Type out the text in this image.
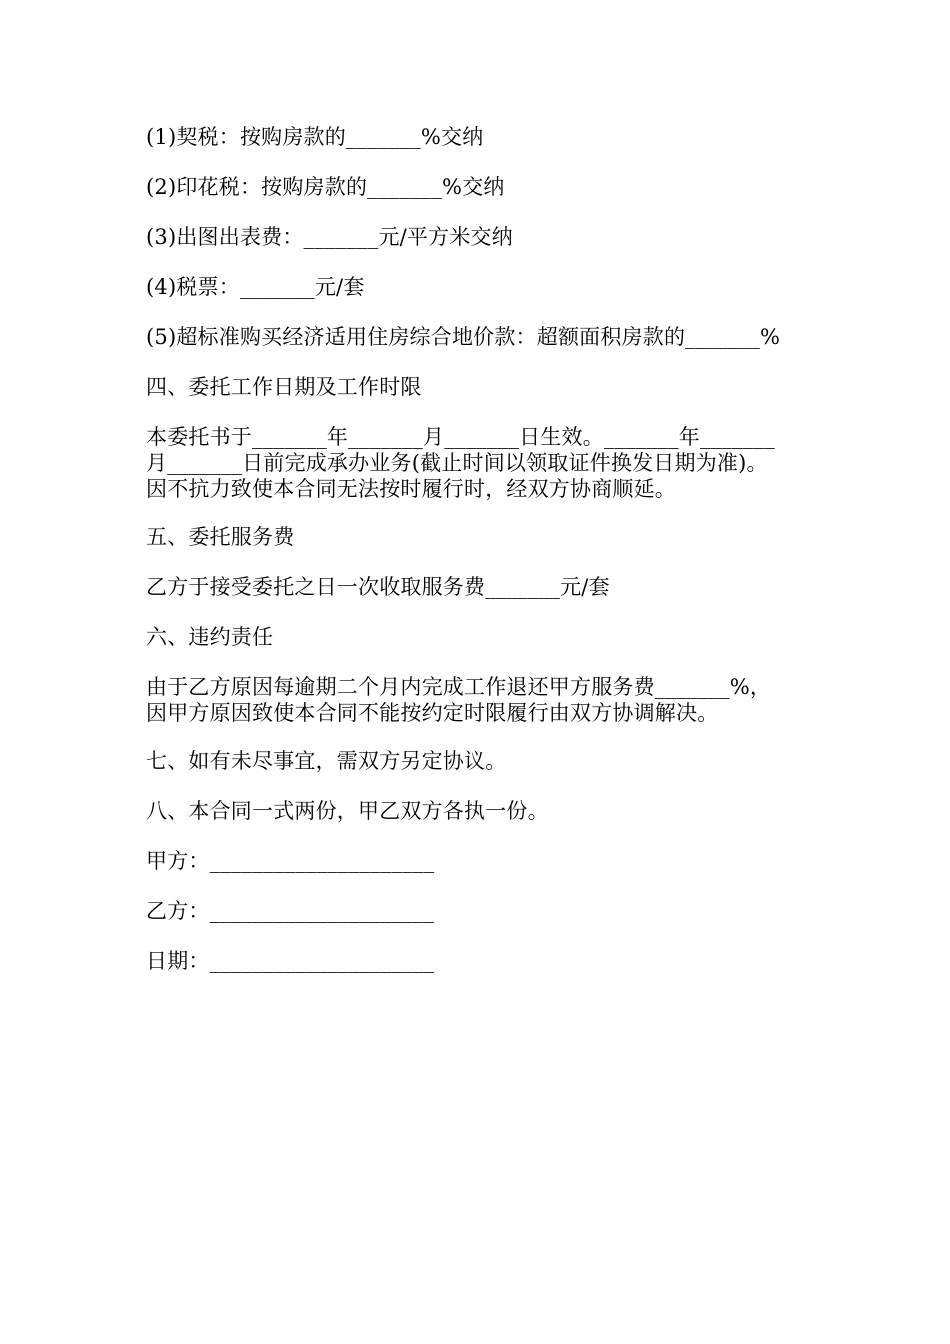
(1)契税：按购房款的_______%交纳
(2)印花税：按购房款的_______%交纳
(3)出图出表费：_______元/平方米交纳
(4)税票：_______元/套
(5)超标准购买经济适用住房综合地价款：超额面积房款的_______%
四、委托工作日期及工作时限
本委托书于_______年_______月_______日生效。_______年_______
月_______日前完成承办业务(截止时间以领取证件换发日期为准)。
因不抗力致使本合同无法按时履行时，经双方协商顺延。
五、委托服务费
乙方于接受委托之日一次收取服务费_______元/套
六、违约责任
由于乙方原因每逾期二个月内完成工作退还甲方服务费_______%，
因甲方原因致使本合同不能按约定时限履行由双方协调解决。
七、如有未尽事宜，需双方另定协议。
八、本合同一式两份，甲乙双方各执一份。
甲方：_____________________
乙方：_____________________
日期：_____________________
